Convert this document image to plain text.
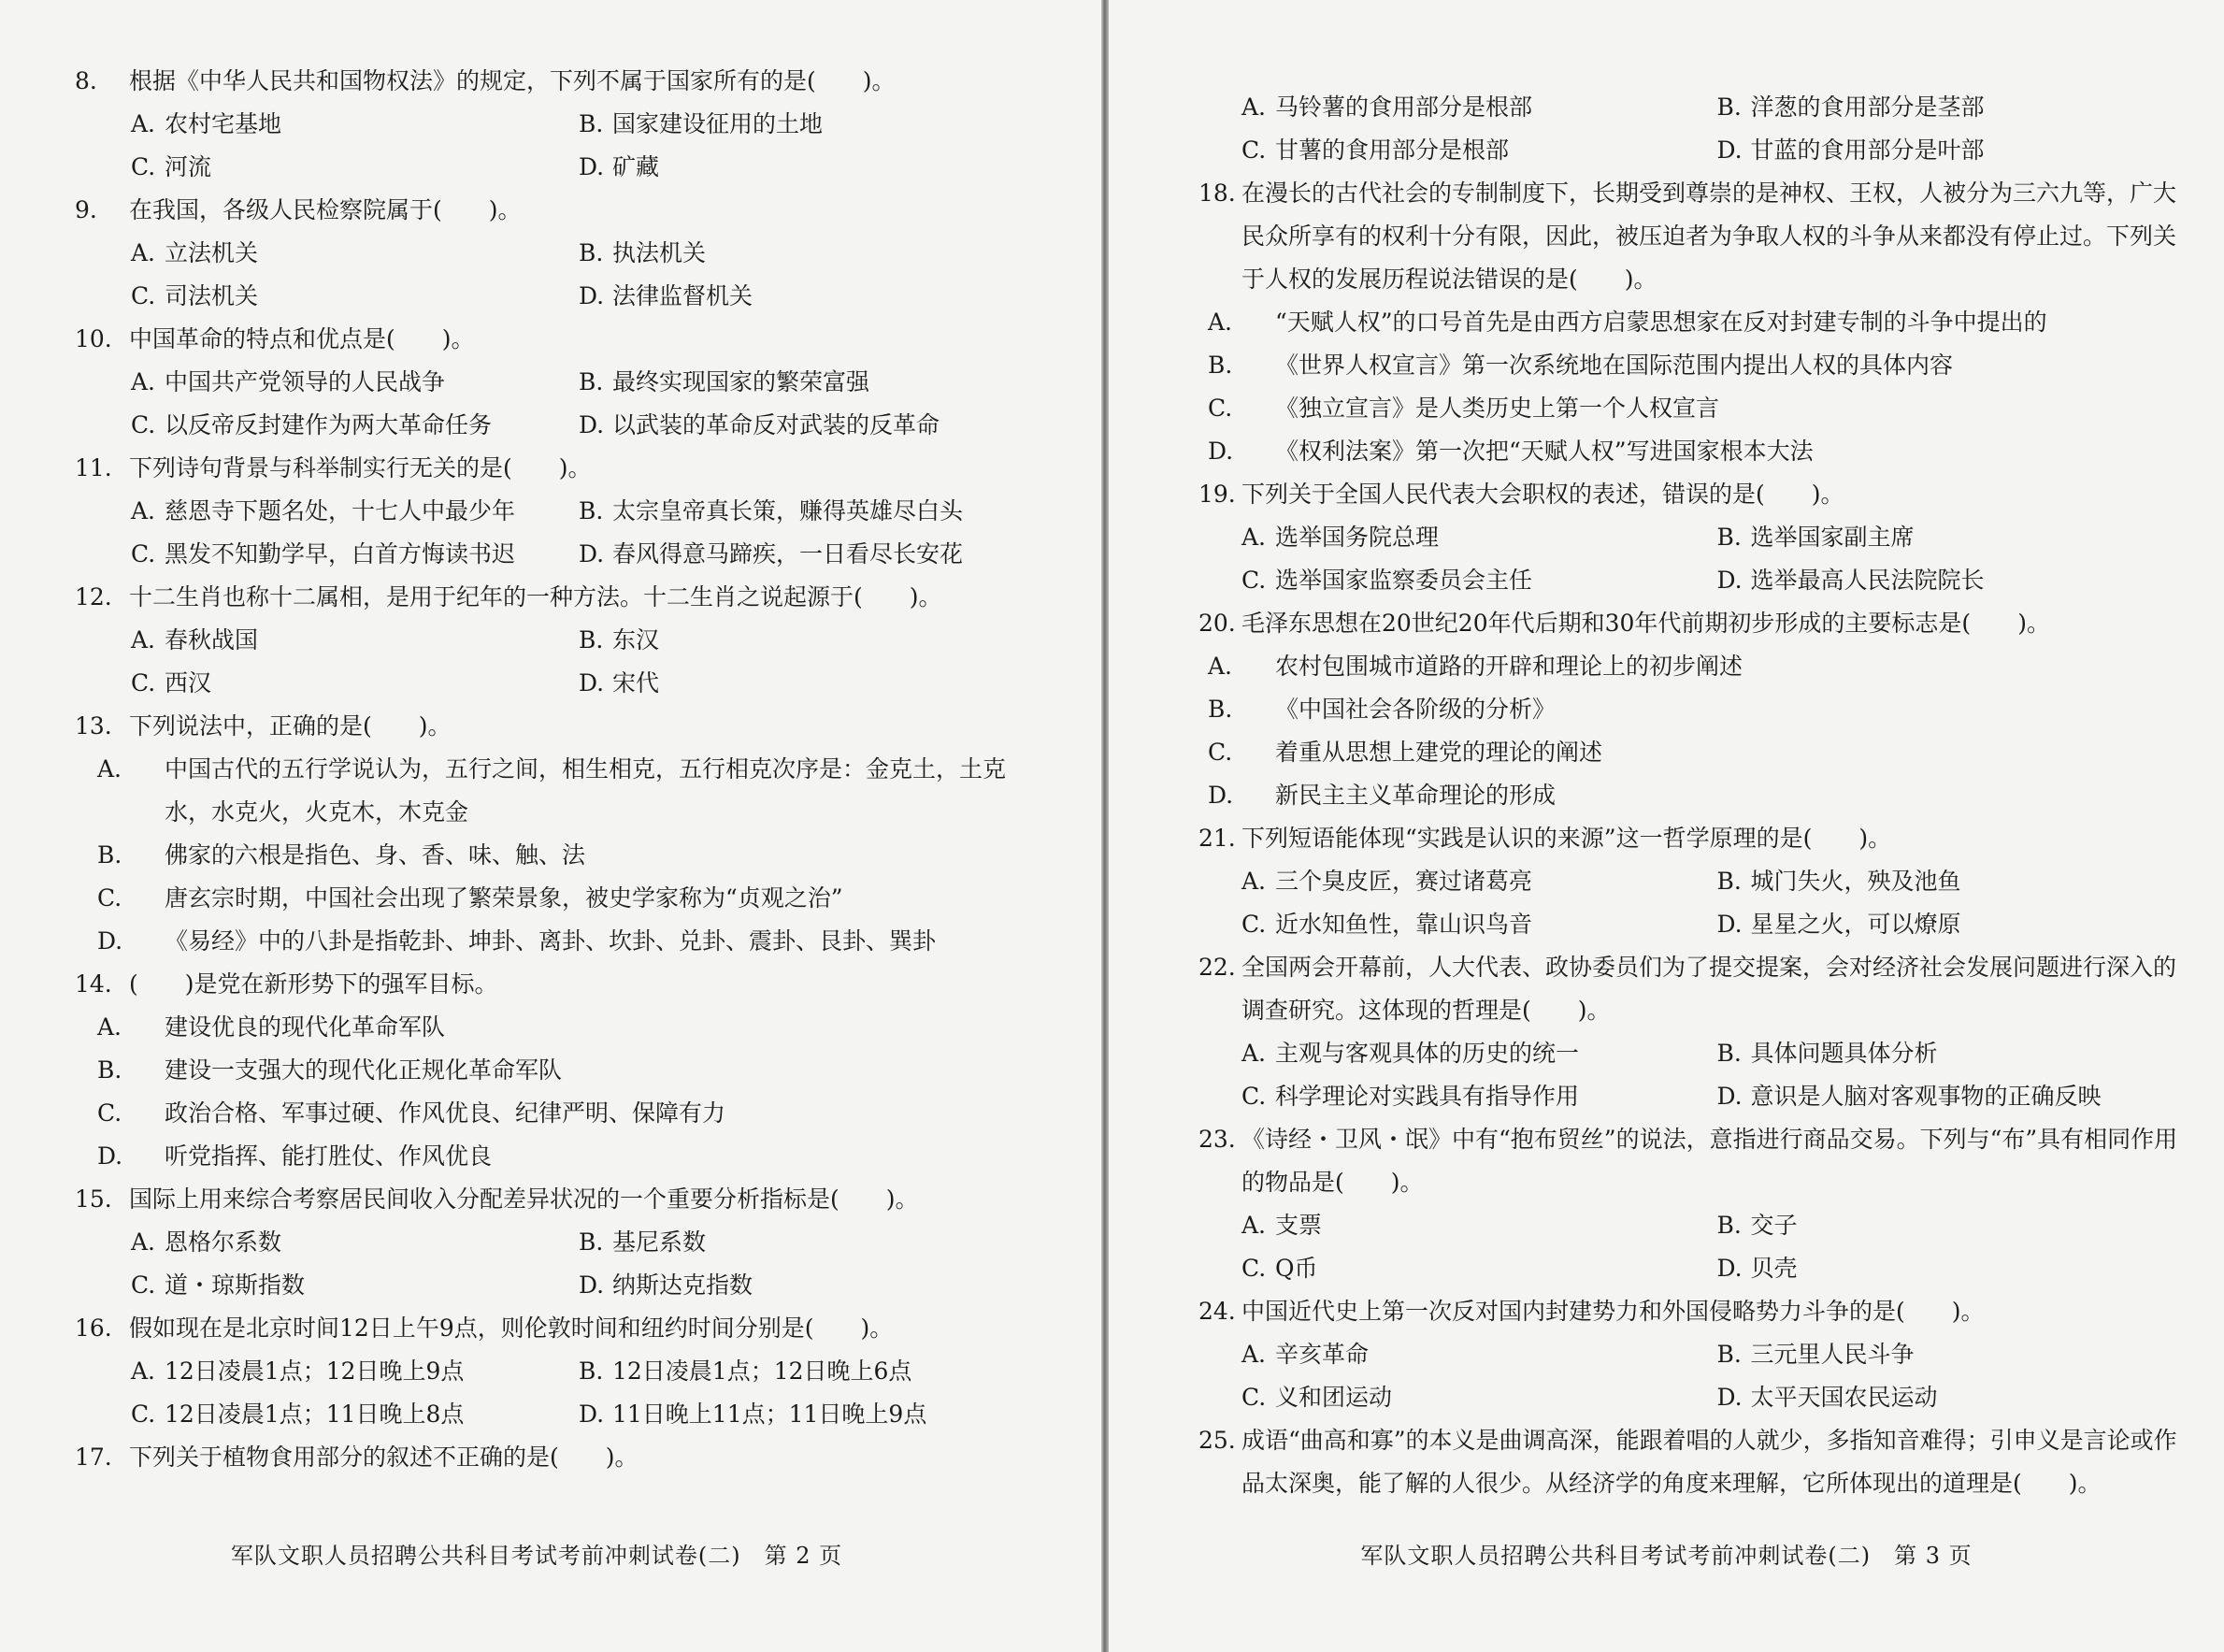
8.	根据《中华人民共和国物权法》的规定，下列不属于国家所有的是(　　)。
A. 农村宅基地	B. 国家建设征用的土地
C. 河流	D. 矿藏
9.	在我国，各级人民检察院属于(　　)。
A. 立法机关	B. 执法机关
C. 司法机关	D. 法律监督机关
10. 中国革命的特点和优点是(　　)。
A. 中国共产党领导的人民战争	B. 最终实现国家的繁荣富强
C. 以反帝反封建作为两大革命任务	D. 以武装的革命反对武装的反革命
11. 下列诗句背景与科举制实行无关的是(　　)。
A. 慈恩寺下题名处，十七人中最少年	B. 太宗皇帝真长策，赚得英雄尽白头
C. 黑发不知勤学早，白首方悔读书迟	D. 春风得意马蹄疾，一日看尽长安花
12. 十二生肖也称十二属相，是用于纪年的一种方法。十二生肖之说起源于(　　)。
A. 春秋战国	B. 东汉
C. 西汉	D. 宋代
13. 下列说法中，正确的是(　　)。
A. 中国古代的五行学说认为，五行之间，相生相克，五行相克次序是：金克土，土克水，水克火，火克木，木克金
B. 佛家的六根是指色、身、香、味、触、法
C. 唐玄宗时期，中国社会出现了繁荣景象，被史学家称为“贞观之治”
D. 《易经》中的八卦是指乾卦、坤卦、离卦、坎卦、兑卦、震卦、艮卦、巽卦
14. (　　)是党在新形势下的强军目标。
A. 建设优良的现代化革命军队
B. 建设一支强大的现代化正规化革命军队
C. 政治合格、军事过硬、作风优良、纪律严明、保障有力
D. 听党指挥、能打胜仗、作风优良
15. 国际上用来综合考察居民间收入分配差异状况的一个重要分析指标是(　　)。
A. 恩格尔系数	B. 基尼系数
C. 道・琼斯指数	D. 纳斯达克指数
16. 假如现在是北京时间12日上午9点，则伦敦时间和纽约时间分别是(　　)。
A. 12日凌晨1点；12日晚上9点	B. 12日凌晨1点；12日晚上6点
C. 12日凌晨1点；11日晚上8点	D. 11日晚上11点；11日晚上9点
17. 下列关于植物食用部分的叙述不正确的是(　　)。
军队文职人员招聘公共科目考试考前冲刺试卷(二)　第 2 页
A. 马铃薯的食用部分是根部	B. 洋葱的食用部分是茎部
C. 甘薯的食用部分是根部	D. 甘蓝的食用部分是叶部
18. 在漫长的古代社会的专制制度下，长期受到尊崇的是神权、王权，人被分为三六九等，广大民众所享有的权利十分有限，因此，被压迫者为争取人权的斗争从来都没有停止过。下列关于人权的发展历程说法错误的是(　　)。
A. “天赋人权”的口号首先是由西方启蒙思想家在反对封建专制的斗争中提出的
B. 《世界人权宣言》第一次系统地在国际范围内提出人权的具体内容
C. 《独立宣言》是人类历史上第一个人权宣言
D. 《权利法案》第一次把“天赋人权”写进国家根本大法
19. 下列关于全国人民代表大会职权的表述，错误的是(　　)。
A. 选举国务院总理	B. 选举国家副主席
C. 选举国家监察委员会主任	D. 选举最高人民法院院长
20. 毛泽东思想在20世纪20年代后期和30年代前期初步形成的主要标志是(　　)。
A. 农村包围城市道路的开辟和理论上的初步阐述
B. 《中国社会各阶级的分析》
C. 着重从思想上建党的理论的阐述
D. 新民主主义革命理论的形成
21. 下列短语能体现“实践是认识的来源”这一哲学原理的是(　　)。
A. 三个臭皮匠，赛过诸葛亮	B. 城门失火，殃及池鱼
C. 近水知鱼性，靠山识鸟音	D. 星星之火，可以燎原
22. 全国两会开幕前，人大代表、政协委员们为了提交提案，会对经济社会发展问题进行深入的调查研究。这体现的哲理是(　　)。
A. 主观与客观具体的历史的统一	B. 具体问题具体分析
C. 科学理论对实践具有指导作用	D. 意识是人脑对客观事物的正确反映
23. 《诗经・卫风・氓》中有“抱布贸丝”的说法，意指进行商品交易。下列与“布”具有相同作用的物品是(　　)。
A. 支票	B. 交子
C. Q币	D. 贝壳
24. 中国近代史上第一次反对国内封建势力和外国侵略势力斗争的是(　　)。
A. 辛亥革命	B. 三元里人民斗争
C. 义和团运动	D. 太平天国农民运动
25. 成语“曲高和寡”的本义是曲调高深，能跟着唱的人就少，多指知音难得；引申义是言论或作品太深奥，能了解的人很少。从经济学的角度来理解，它所体现出的道理是(　　)。
军队文职人员招聘公共科目考试考前冲刺试卷(二)　第 3 页
